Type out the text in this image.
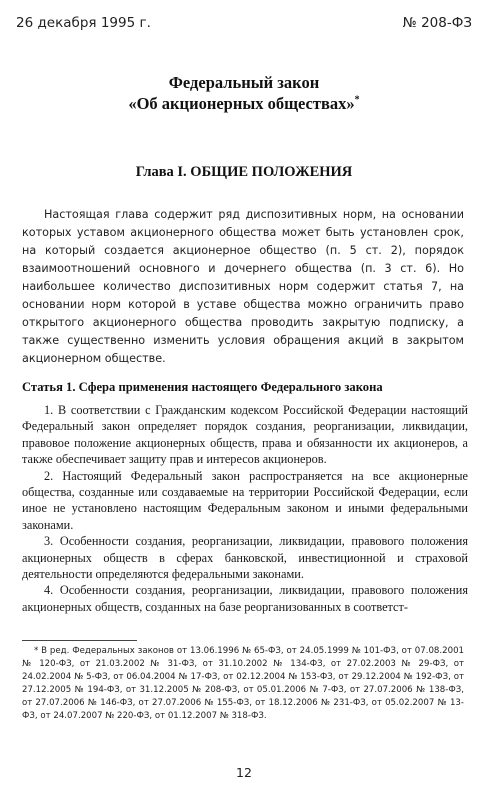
26 декабря 1995 г.	№ 208-ФЗ
Федеральный закон
«Об акционерных обществах»*
Глава I. ОБЩИЕ ПОЛОЖЕНИЯ

Настоящая глава содержит ряд диспозитивных норм, на основании которых уставом акционерного общества может быть установлен срок, на который создается акционерное общество (п. 5 ст. 2), порядок взаимоотношений основного и дочернего общества (п. 3 ст. 6). Но наибольшее количество диспозитивных норм содержит статья 7, на основании норм которой в уставе общества можно ограничить право открытого акционерного общества проводить закрытую подписку, а также существенно изменить условия обращения акций в закрытом акционерном обществе.

Статья 1. Сфера применения настоящего Федерального закона

1. В соответствии с Гражданским кодексом Российской Федерации настоящий Федеральный закон определяет порядок создания, реорганизации, ликвидации, правовое положение акционерных обществ, права и обязанности их акционеров, а также обеспечивает защиту прав и интересов акционеров.

2. Настоящий Федеральный закон распространяется на все акционерные общества, созданные или создаваемые на территории Российской Федерации, если иное не установлено настоящим Федеральным законом и иными федеральными законами.

3. Особенности создания, реорганизации, ликвидации, правового положения акционерных обществ в сферах банковской, инвестиционной и страховой деятельности определяются федеральными законами.

4. Особенности создания, реорганизации, ликвидации, правового положения акционерных обществ, созданных на базе реорганизованных в соответст-

* В ред. Федеральных законов от 13.06.1996 № 65-ФЗ, от 24.05.1999 № 101-ФЗ, от 07.08.2001 № 120-ФЗ, от 21.03.2002 № 31-ФЗ, от 31.10.2002 № 134-ФЗ, от 27.02.2003 № 29-ФЗ, от 24.02.2004 № 5-ФЗ, от 06.04.2004 № 17-ФЗ, от 02.12.2004 № 153-ФЗ, от 29.12.2004 № 192-ФЗ, от 27.12.2005 № 194-ФЗ, от 31.12.2005 № 208-ФЗ, от 05.01.2006 № 7-ФЗ, от 27.07.2006 № 138-ФЗ, от 27.07.2006 № 146-ФЗ, от 27.07.2006 № 155-ФЗ, от 18.12.2006 № 231-ФЗ, от 05.02.2007 № 13-ФЗ, от 24.07.2007 № 220-ФЗ, от 01.12.2007 № 318-ФЗ.

12
